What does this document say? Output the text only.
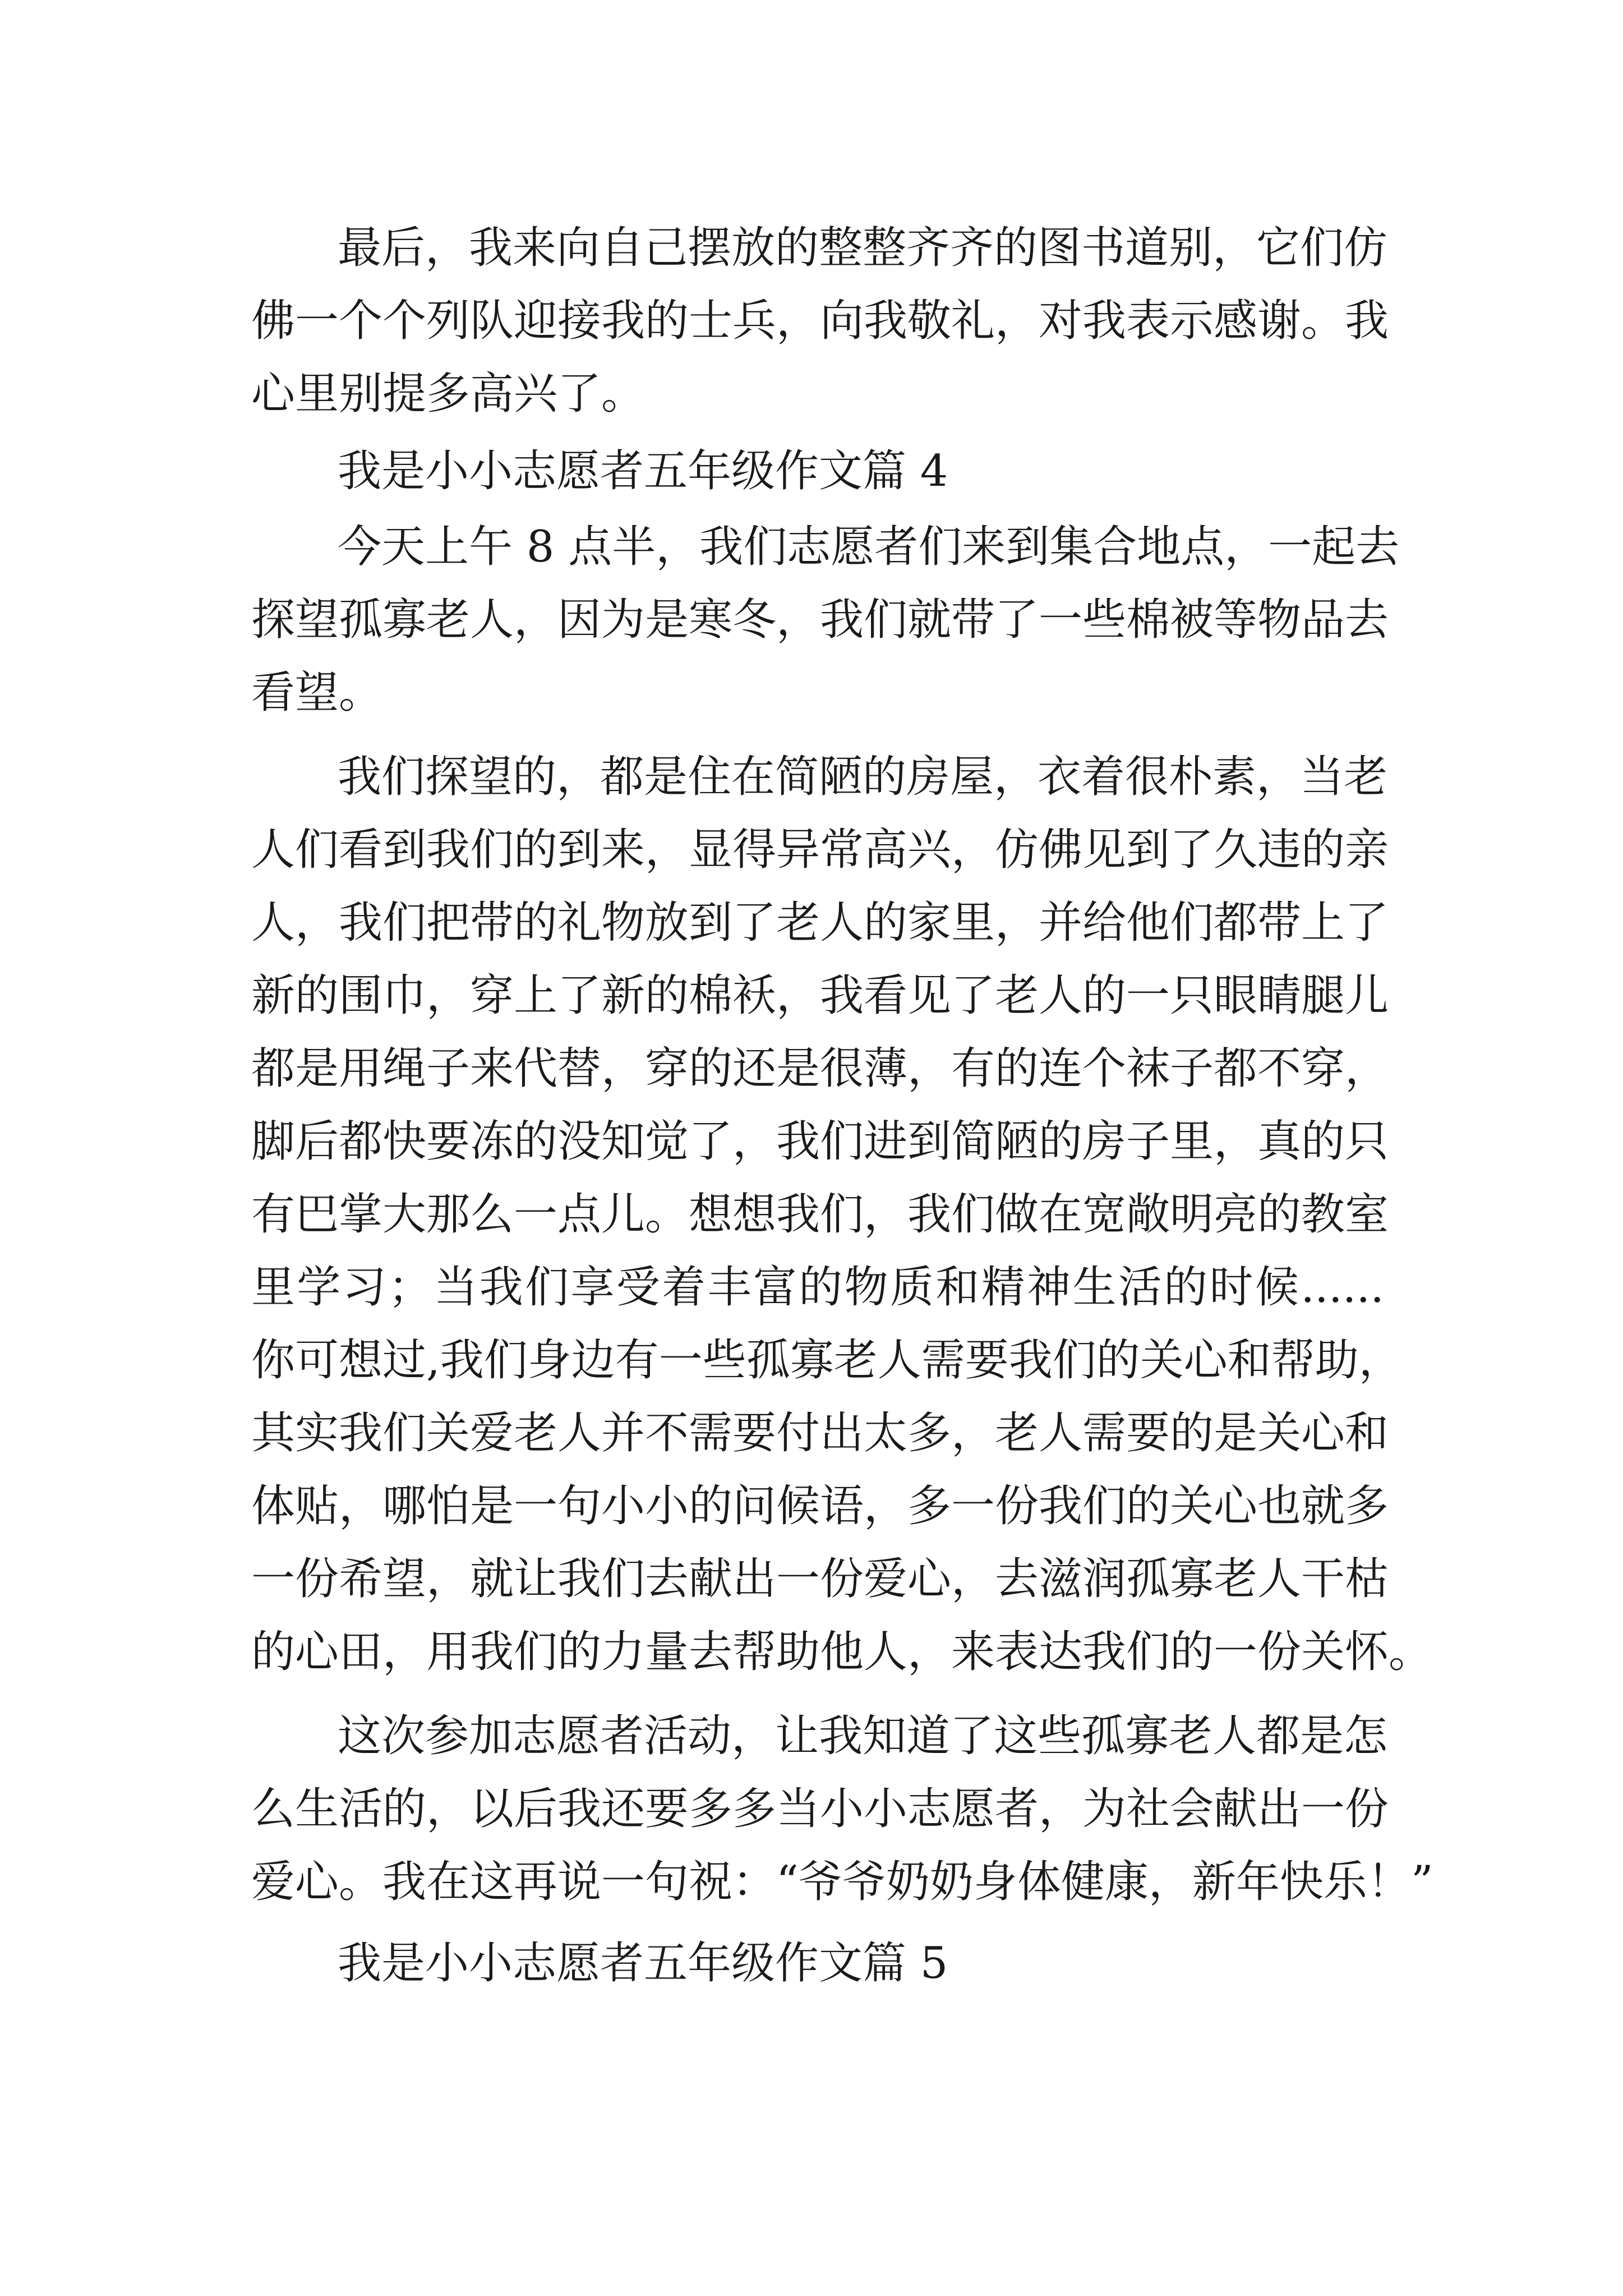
最后，我来向自己摆放的整整齐齐的图书道别，它们仿
佛一个个列队迎接我的士兵，向我敬礼，对我表示感谢。我
心里别提多高兴了。
我是小小志愿者五年级作文篇 4
今天上午 8 点半，我们志愿者们来到集合地点，一起去
探望孤寡老人，因为是寒冬，我们就带了一些棉被等物品去
看望。
我们探望的，都是住在简陋的房屋，衣着很朴素，当老
人们看到我们的到来，显得异常高兴，仿佛见到了久违的亲
人，我们把带的礼物放到了老人的家里，并给他们都带上了
新的围巾，穿上了新的棉袄，我看见了老人的一只眼睛腿儿
都是用绳子来代替，穿的还是很薄，有的连个袜子都不穿，
脚后都快要冻的没知觉了，我们进到简陋的房子里，真的只
有巴掌大那么一点儿。想想我们，我们做在宽敞明亮的教室
里学习；当我们享受着丰富的物质和精神生活的时候......
你可想过,我们身边有一些孤寡老人需要我们的关心和帮助，
其实我们关爱老人并不需要付出太多，老人需要的是关心和
体贴，哪怕是一句小小的问候语，多一份我们的关心也就多
一份希望，就让我们去献出一份爱心，去滋润孤寡老人干枯
的心田，用我们的力量去帮助他人，来表达我们的一份关怀。
这次参加志愿者活动，让我知道了这些孤寡老人都是怎
么生活的，以后我还要多多当小小志愿者，为社会献出一份
爱心。我在这再说一句祝：“爷爷奶奶身体健康，新年快乐！”
我是小小志愿者五年级作文篇 5
